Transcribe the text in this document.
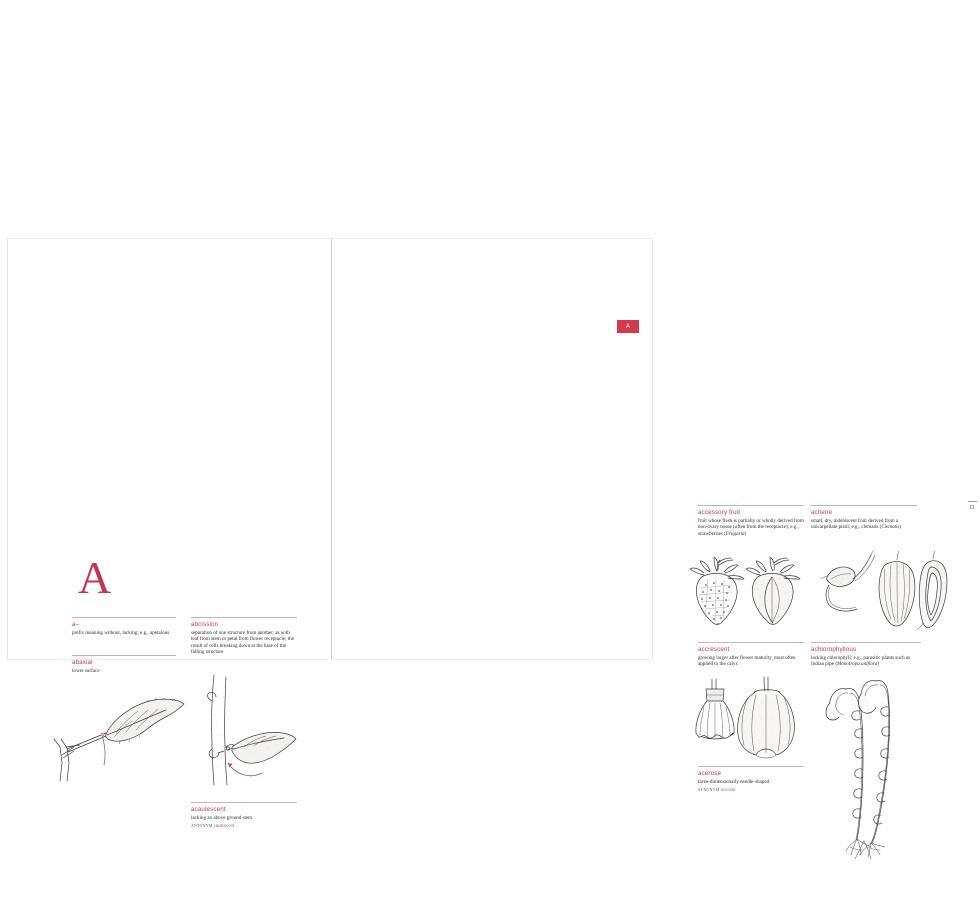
A
a–
prefix meaning without, lacking; e.g., apetalous
abaxial
lower surface
abcission
separation of one structure from another, as with leaf from stem or petal from flower receptacle; the result of cells breaking down at the base of the falling structure
acaulescent
lacking an above ground stem
ANTONYM caulescent
accessory fruit
fruit whose flesh is partially or wholly derived from non-ovary tissue (often from the receptacle); e.g., strawberries (Fragaria)
achene
small, dry, indehiscent fruit derived from a unicarpellate pistil; e.g., clematis (Clematis)
accrescent
growing larger after flower maturity, most often applied to the calyx
achlorophyllous
lacking chlorophyll; e.g., parasitic plants such as Indian pipe (Monotropa uniflora)
acerose
three-dimensionally needle-shaped
SYNONYM acicular
11
A
